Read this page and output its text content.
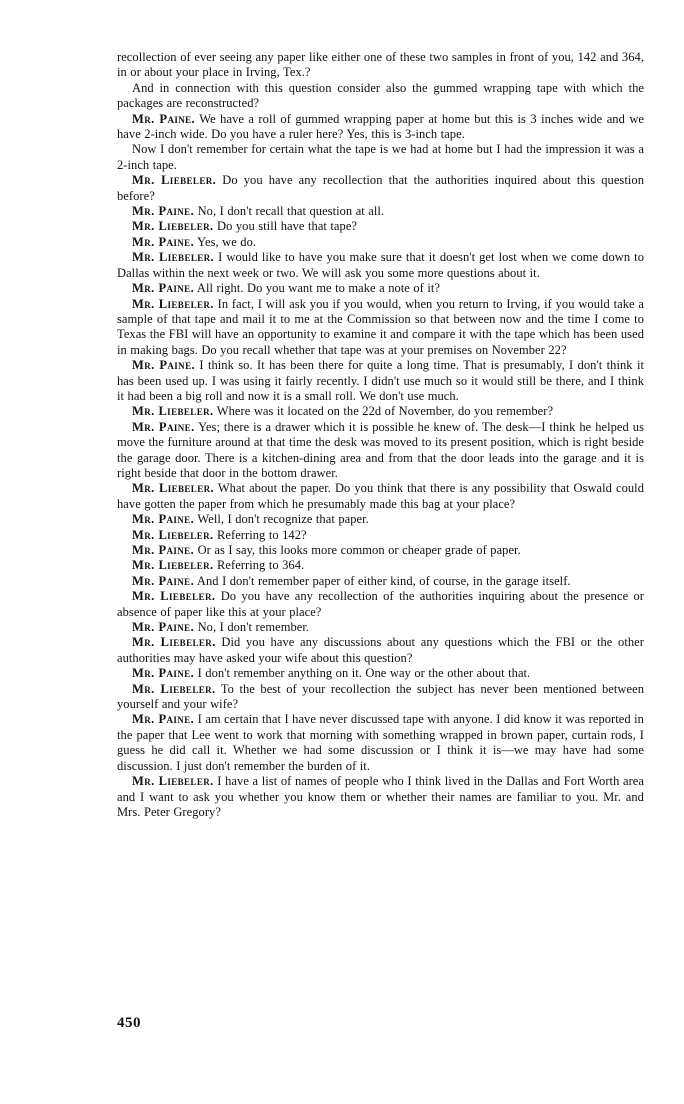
recollection of ever seeing any paper like either one of these two samples in front of you, 142 and 364, in or about your place in Irving, Tex.?

And in connection with this question consider also the gummed wrapping tape with which the packages are reconstructed?

Mr. Paine. We have a roll of gummed wrapping paper at home but this is 3 inches wide and we have 2-inch wide. Do you have a ruler here? Yes, this is 3-inch tape.

Now I don't remember for certain what the tape is we had at home but I had the impression it was a 2-inch tape.

Mr. Liebeler. Do you have any recollection that the authorities inquired about this question before?

Mr. Paine. No, I don't recall that question at all.

Mr. Liebeler. Do you still have that tape?

Mr. Paine. Yes, we do.

Mr. Liebeler. I would like to have you make sure that it doesn't get lost when we come down to Dallas within the next week or two. We will ask you some more questions about it.

Mr. Paine. All right. Do you want me to make a note of it?

Mr. Liebeler. In fact, I will ask you if you would, when you return to Irving, if you would take a sample of that tape and mail it to me at the Commission so that between now and the time I come to Texas the FBI will have an opportunity to examine it and compare it with the tape which has been used in making bags. Do you recall whether that tape was at your premises on November 22?

Mr. Paine. I think so. It has been there for quite a long time. That is presumably, I don't think it has been used up. I was using it fairly recently. I didn't use much so it would still be there, and I think it had been a big roll and now it is a small roll. We don't use much.

Mr. Liebeler. Where was it located on the 22d of November, do you remember?

Mr. Paine. Yes; there is a drawer which it is possible he knew of. The desk—I think he helped us move the furniture around at that time the desk was moved to its present position, which is right beside the garage door. There is a kitchen-dining area and from that the door leads into the garage and it is right beside that door in the bottom drawer.

Mr. Liebeler. What about the paper. Do you think that there is any possibility that Oswald could have gotten the paper from which he presumably made this bag at your place?

Mr. Paine. Well, I don't recognize that paper.

Mr. Liebeler. Referring to 142?

Mr. Paine. Or as I say, this looks more common or cheaper grade of paper.

Mr. Liebeler. Referring to 364.

Mr. Paine. And I don't remember paper of either kind, of course, in the garage itself.

Mr. Liebeler. Do you have any recollection of the authorities inquiring about the presence or absence of paper like this at your place?

Mr. Paine. No, I don't remember.

Mr. Liebeler. Did you have any discussions about any questions which the FBI or the other authorities may have asked your wife about this question?

Mr. Paine. I don't remember anything on it. One way or the other about that.

Mr. Liebeler. To the best of your recollection the subject has never been mentioned between yourself and your wife?

Mr. Paine. I am certain that I have never discussed tape with anyone. I did know it was reported in the paper that Lee went to work that morning with something wrapped in brown paper, curtain rods, I guess he did call it. Whether we had some discussion or I think it is—we may have had some discussion. I just don't remember the burden of it.

Mr. Liebeler. I have a list of names of people who I think lived in the Dallas and Fort Worth area and I want to ask you whether you know them or whether their names are familiar to you. Mr. and Mrs. Peter Gregory?

450
